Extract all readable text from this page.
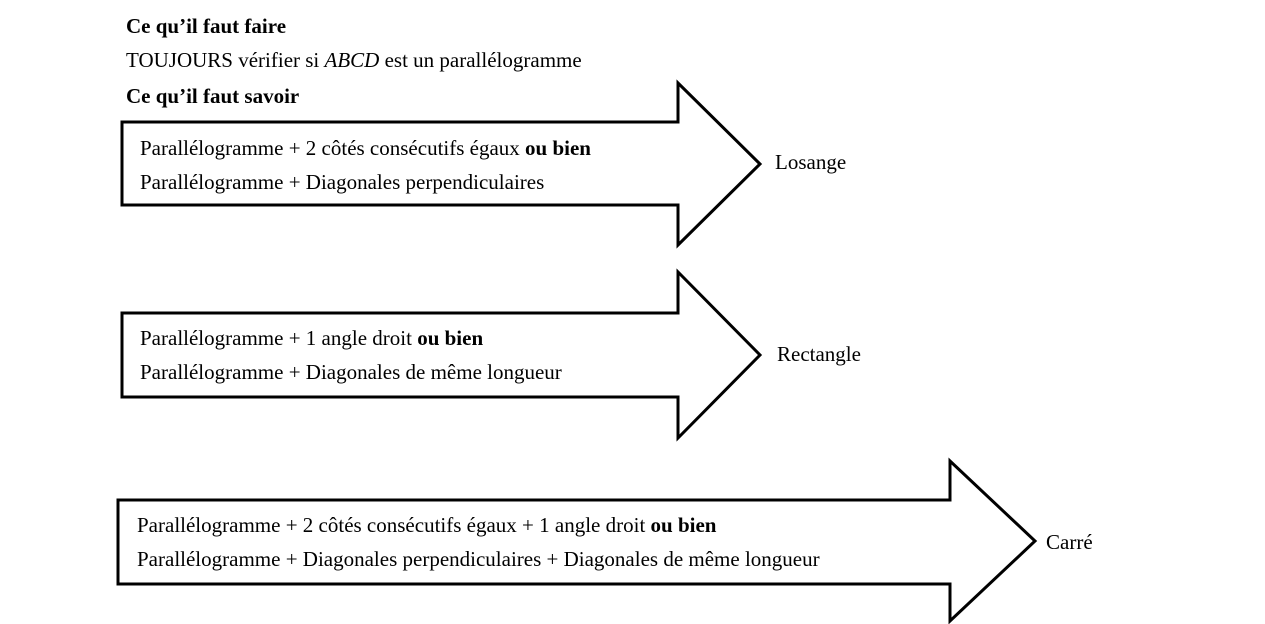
Ce qu’il faut faire
TOUJOURS vérifier si ABCD est un parallélogramme
Ce qu’il faut savoir
Parallélogramme + 2 côtés consécutifs égaux ou bien
Parallélogramme + Diagonales perpendiculaires
Losange
Parallélogramme + 1 angle droit ou bien
Parallélogramme + Diagonales de même longueur
Rectangle
Parallélogramme + 2 côtés consécutifs égaux + 1 angle droit ou bien
Parallélogramme + Diagonales perpendiculaires + Diagonales de même longueur
Carré
